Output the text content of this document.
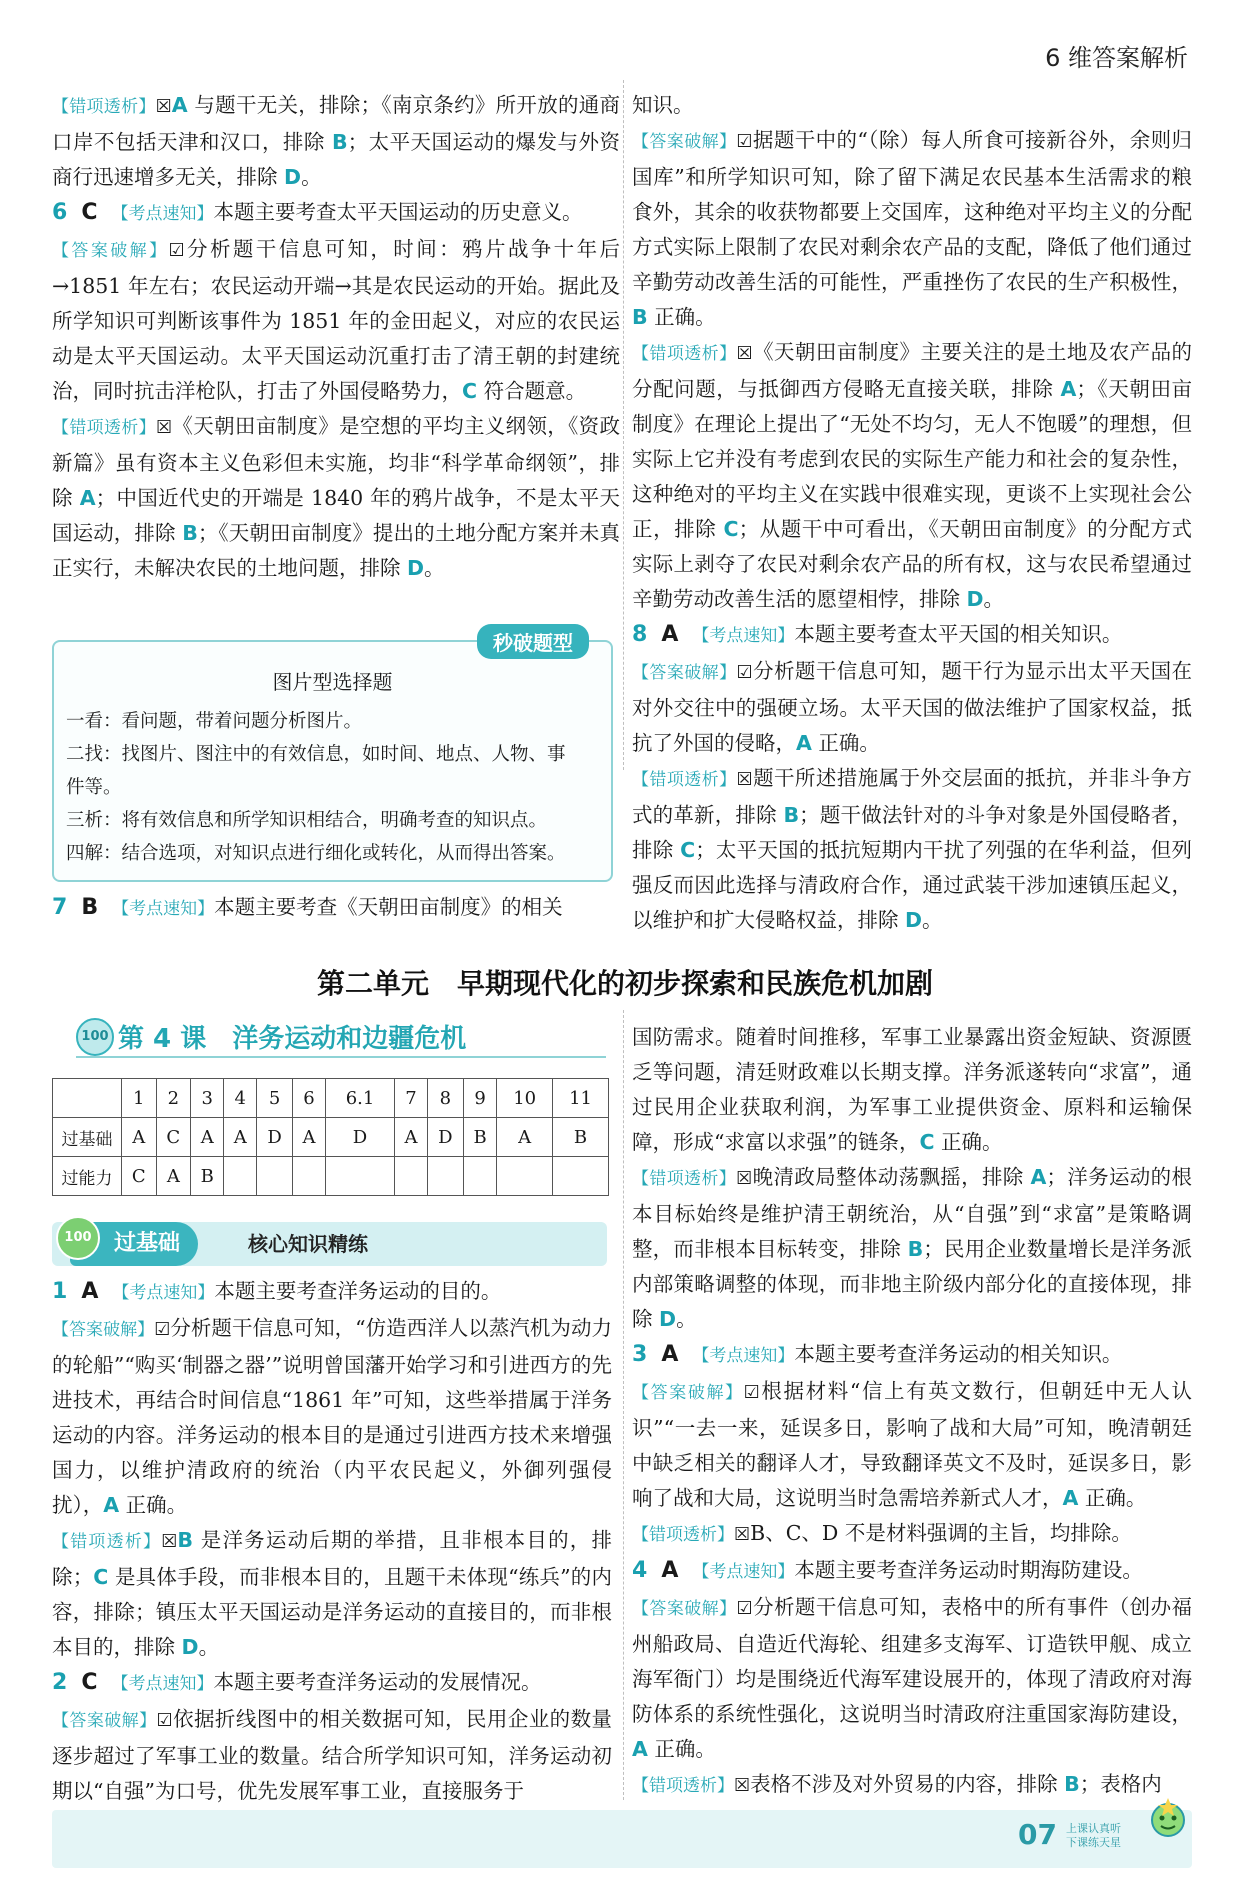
6 维答案解析

【错项透析】☒A 与题干无关，排除；《南京条约》所开放的通商口岸不包括天津和汉口，排除 B；太平天国运动的爆发与外资商行迅速增多无关，排除 D。

6 C 【考点速知】本题主要考查太平天国运动的历史意义。

【答案破解】☑分析题干信息可知，时间：鸦片战争十年后→1851 年左右；农民运动开端→其是农民运动的开始。据此及所学知识可判断该事件为 1851 年的金田起义，对应的农民运动是太平天国运动。太平天国运动沉重打击了清王朝的封建统治，同时抗击洋枪队，打击了外国侵略势力，C 符合题意。

【错项透析】☒《天朝田亩制度》是空想的平均主义纲领，《资政新篇》虽有资本主义色彩但未实施，均非“科学革命纲领”，排除 A；中国近代史的开端是 1840 年的鸦片战争，不是太平天国运动，排除 B；《天朝田亩制度》提出的土地分配方案并未真正实行，未解决农民的土地问题，排除 D。

秒破题型
图片型选择题
一看：看问题，带着问题分析图片。
二找：找图片、图注中的有效信息，如时间、地点、人物、事
件等。
三析：将有效信息和所学知识相结合，明确考查的知识点。
四解：结合选项，对知识点进行细化或转化，从而得出答案。
7 B 【考点速知】本题主要考查《天朝田亩制度》的相关

知识。

【答案破解】☑据题干中的“（除）每人所食可接新谷外，余则归国库”和所学知识可知，除了留下满足农民基本生活需求的粮食外，其余的收获物都要上交国库，这种绝对平均主义的分配方式实际上限制了农民对剩余农产品的支配，降低了他们通过辛勤劳动改善生活的可能性，严重挫伤了农民的生产积极性，B 正确。

【错项透析】☒《天朝田亩制度》主要关注的是土地及农产品的分配问题，与抵御西方侵略无直接关联，排除 A；《天朝田亩制度》在理论上提出了“无处不均匀，无人不饱暖”的理想，但实际上它并没有考虑到农民的实际生产能力和社会的复杂性，这种绝对的平均主义在实践中很难实现，更谈不上实现社会公正，排除 C；从题干中可看出，《天朝田亩制度》的分配方式实际上剥夺了农民对剩余农产品的所有权，这与农民希望通过辛勤劳动改善生活的愿望相悖，排除 D。

8 A 【考点速知】本题主要考查太平天国的相关知识。

【答案破解】☑分析题干信息可知，题干行为显示出太平天国在对外交往中的强硬立场。太平天国的做法维护了国家权益，抵抗了外国的侵略，A 正确。

【错项透析】☒题干所述措施属于外交层面的抵抗，并非斗争方式的革新，排除 B；题干做法针对的斗争对象是外国侵略者，排除 C；太平天国的抵抗短期内干扰了列强的在华利益，但列强反而因此选择与清政府合作，通过武装干涉加速镇压起义，以维护和扩大侵略权益，排除 D。

第二单元　早期现代化的初步探索和民族危机加剧
100 第 4 课　洋务运动和边疆危机
	1	2	3	4	5	6	6.1	7	8	9	10	11
过基础	A	C	A	A	D	A	D	A	D	B	A	B
过能力	C	A	B									
过基础
100	核心知识精练

1 A 【考点速知】本题主要考查洋务运动的目的。

【答案破解】☑分析题干信息可知，“仿造西洋人以蒸汽机为动力的轮船”“购买‘制器之器’”说明曾国藩开始学习和引进西方的先进技术，再结合时间信息“1861 年”可知，这些举措属于洋务运动的内容。洋务运动的根本目的是通过引进西方技术来增强国力，以维护清政府的统治（内平农民起义，外御列强侵扰），A 正确。

【错项透析】☒B 是洋务运动后期的举措，且非根本目的，排除；C 是具体手段，而非根本目的，且题干未体现“练兵”的内容，排除；镇压太平天国运动是洋务运动的直接目的，而非根本目的，排除 D。

2 C 【考点速知】本题主要考查洋务运动的发展情况。

【答案破解】☑依据折线图中的相关数据可知，民用企业的数量逐步超过了军事工业的数量。结合所学知识可知，洋务运动初期以“自强”为口号，优先发展军事工业，直接服务于

国防需求。随着时间推移，军事工业暴露出资金短缺、资源匮乏等问题，清廷财政难以长期支撑。洋务派遂转向“求富”，通过民用企业获取利润，为军事工业提供资金、原料和运输保障，形成“求富以求强”的链条，C 正确。

【错项透析】☒晚清政局整体动荡飘摇，排除 A；洋务运动的根本目标始终是维护清王朝统治，从“自强”到“求富”是策略调整，而非根本目标转变，排除 B；民用企业数量增长是洋务派内部策略调整的体现，而非地主阶级内部分化的直接体现，排除 D。

3 A 【考点速知】本题主要考查洋务运动的相关知识。

【答案破解】☑根据材料“信上有英文数行，但朝廷中无人认识”“一去一来，延误多日，影响了战和大局”可知，晚清朝廷中缺乏相关的翻译人才，导致翻译英文不及时，延误多日，影响了战和大局，这说明当时急需培养新式人才，A 正确。

【错项透析】☒B、C、D 不是材料强调的主旨，均排除。

4 A 【考点速知】本题主要考查洋务运动时期海防建设。

【答案破解】☑分析题干信息可知，表格中的所有事件（创办福州船政局、自造近代海轮、组建多支海军、订造铁甲舰、成立海军衙门）均是围绕近代海军建设展开的，体现了清政府对海防体系的系统性强化，这说明当时清政府注重国家海防建设，A 正确。

【错项透析】☒表格不涉及对外贸易的内容，排除 B；表格内

07 上课认真听
下课练天星
